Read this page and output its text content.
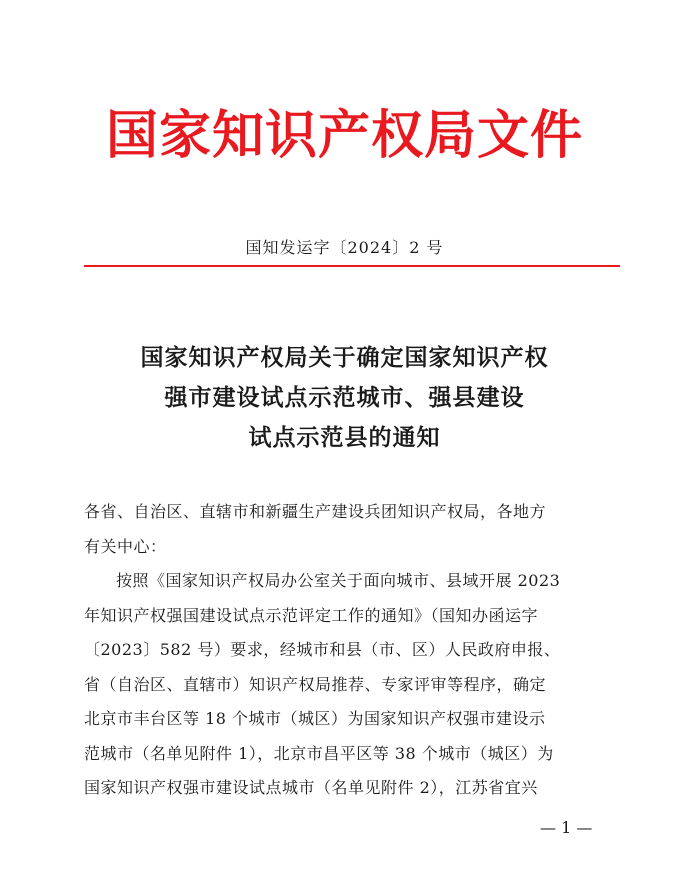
国家知识产权局文件
国知发运字〔2024〕2 号
国家知识产权局关于确定国家知识产权
强市建设试点示范城市、强县建设
试点示范县的通知
各省、自治区、直辖市和新疆生产建设兵团知识产权局，各地方
有关中心：
按照《国家知识产权局办公室关于面向城市、县域开展 2023
年知识产权强国建设试点示范评定工作的通知》（国知办函运字
〔2023〕582 号）要求，经城市和县（市、区）人民政府申报、
省（自治区、直辖市）知识产权局推荐、专家评审等程序，确定
北京市丰台区等 18 个城市（城区）为国家知识产权强市建设示
范城市（名单见附件 1），北京市昌平区等 38 个城市（城区）为
国家知识产权强市建设试点城市（名单见附件 2），江苏省宜兴
— 1 —
